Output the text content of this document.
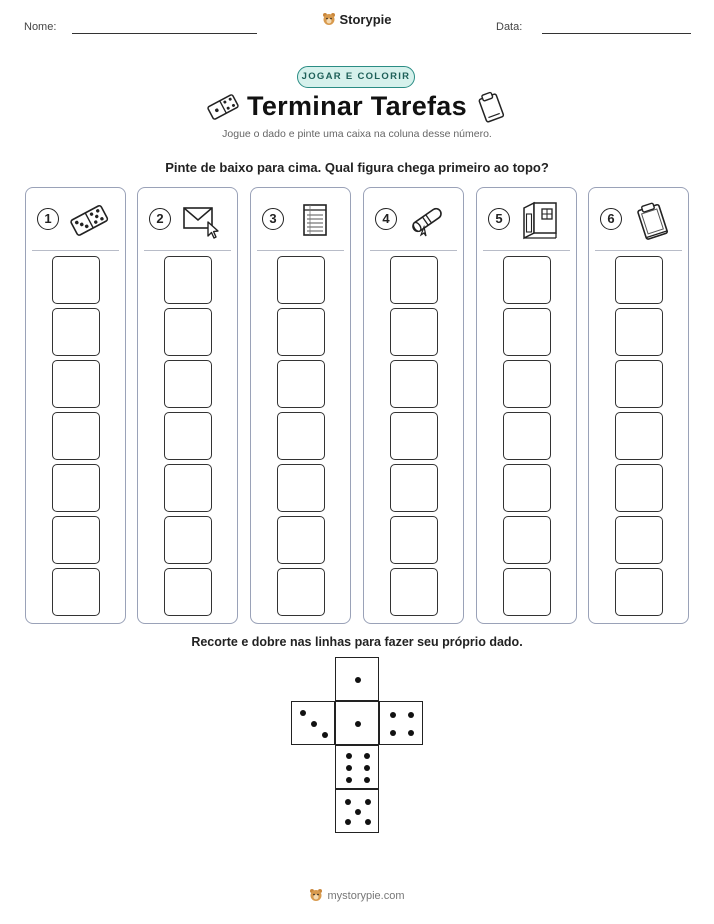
Nome:	Storypie	Data:
JOGAR E COLORIR
Terminar Tarefas
Jogue o dado e pinte uma caixa na coluna desse número.
Pinte de baixo para cima. Qual figura chega primeiro ao topo?
1	2	3	4	5	6
Recorte e dobre nas linhas para fazer seu próprio dado.
mystorypie.com
